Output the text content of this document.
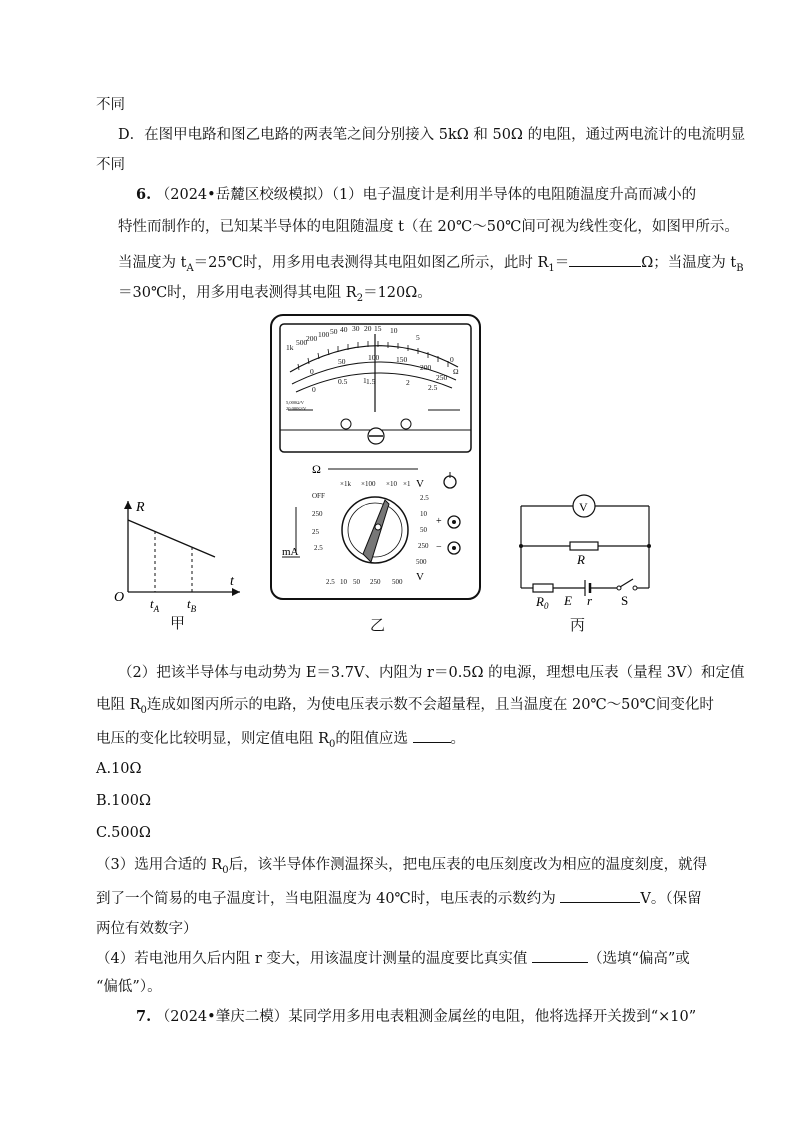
不同
D．在图甲电路和图乙电路的两表笔之间分别接入 5kΩ 和 50Ω 的电阻，通过两电流计的电流明显
不同
6. （2024•岳麓区校级模拟）（1）电子温度计是利用半导体的电阻随温度升高而减小的
特性而制作的，已知某半导体的电阻随温度 t（在 20℃～50℃间可视为线性变化，如图甲所示。
当温度为 $t_A=25℃$时，用多用电表测得其电阻如图乙所示，此时 $R_1=$	Ω；当温度为 $t_B$
＝30℃时，用多用电表测得其电阻 $R_2=120\Omega$。
R
t
O $t_A$ $t_B$
甲
1k
500
200 100 50 40 30 20 15 10
5
0
Ω
0
50	100 150
200
250
0
0.5 1 1.5	2
2.5
5,000Ω/V
20,000Ω/V
Ω
×1k ×100 ×10 ×1
OFF
250
25
2.5
2.5
10
50
250
500
2.5 10 50 250 500
mA
V
V
+
−
乙
V
R
$R_0$ E r S
丙
（2）把该半导体与电动势为 E＝3.7V、内阻为 r＝0.5Ω 的电源，理想电压表（量程 3V）和定值
电阻 $R_0$连成如图丙所示的电路，为使电压表示数不会超量程，且当温度在 20℃～50℃间变化时
电压的变化比较明显，则定值电阻 $R_0$的阻值应选	。
A.10Ω
B.100Ω
C.500Ω
（3）选用合适的 $R_0$后，该半导体作测温探头，把电压表的电压刻度改为相应的温度刻度，就得
到了一个简易的电子温度计，当电阻温度为 40℃时，电压表的示数约为	V。（保留
两位有效数字）
（4）若电池用久后内阻 r 变大，用该温度计测量的温度要比真实值	（选填“偏高”或
“偏低”）。
7. （2024•肇庆二模）某同学用多用电表粗测金属丝的电阻，他将选择开关拨到“×10”
